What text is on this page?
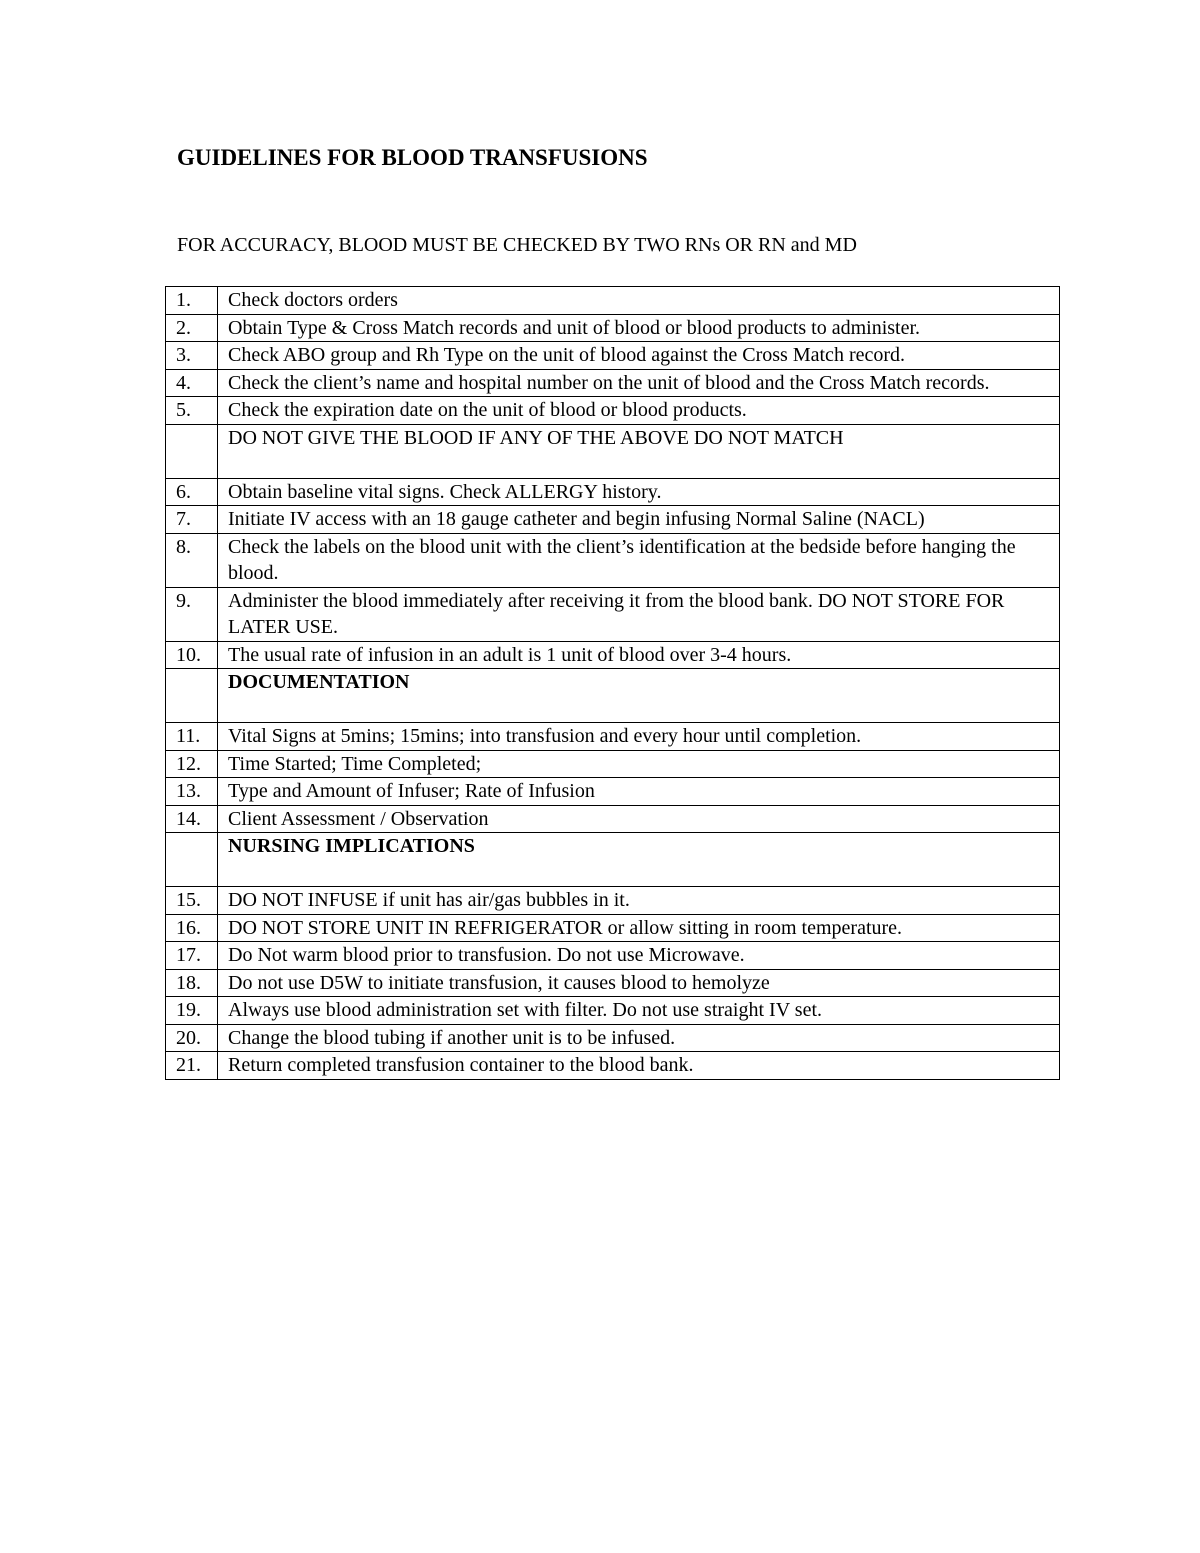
GUIDELINES FOR BLOOD TRANSFUSIONS

FOR ACCURACY, BLOOD MUST BE CHECKED BY TWO RNs OR RN and MD

1.	Check doctors orders
2.	Obtain Type & Cross Match records and unit of blood or blood products to administer.
3.	Check ABO group and Rh Type on the unit of blood against the Cross Match record.
4.	Check the client’s name and hospital number on the unit of blood and the Cross Match records.
5.	Check the expiration date on the unit of blood or blood products.
	DO NOT GIVE THE BLOOD IF ANY OF THE ABOVE DO NOT MATCH
6.	Obtain baseline vital signs. Check ALLERGY history.
7.	Initiate IV access with an 18 gauge catheter and begin infusing Normal Saline (NACL)
8.	Check the labels on the blood unit with the client’s identification at the bedside before hanging the blood.
9.	Administer the blood immediately after receiving it from the blood bank. DO NOT STORE FOR LATER USE.
10.	The usual rate of infusion in an adult is 1 unit of blood over 3-4 hours.
	DOCUMENTATION
11.	Vital Signs at 5mins; 15mins; into transfusion and every hour until completion.
12.	Time Started; Time Completed;
13.	Type and Amount of Infuser; Rate of Infusion
14.	Client Assessment / Observation
	NURSING IMPLICATIONS
15.	DO NOT INFUSE if unit has air/gas bubbles in it.
16.	DO NOT STORE UNIT IN REFRIGERATOR or allow sitting in room temperature.
17.	Do Not warm blood prior to transfusion. Do not use Microwave.
18.	Do not use D5W to initiate transfusion, it causes blood to hemolyze
19.	Always use blood administration set with filter. Do not use straight IV set.
20.	Change the blood tubing if another unit is to be infused.
21.	Return completed transfusion container to the blood bank.
